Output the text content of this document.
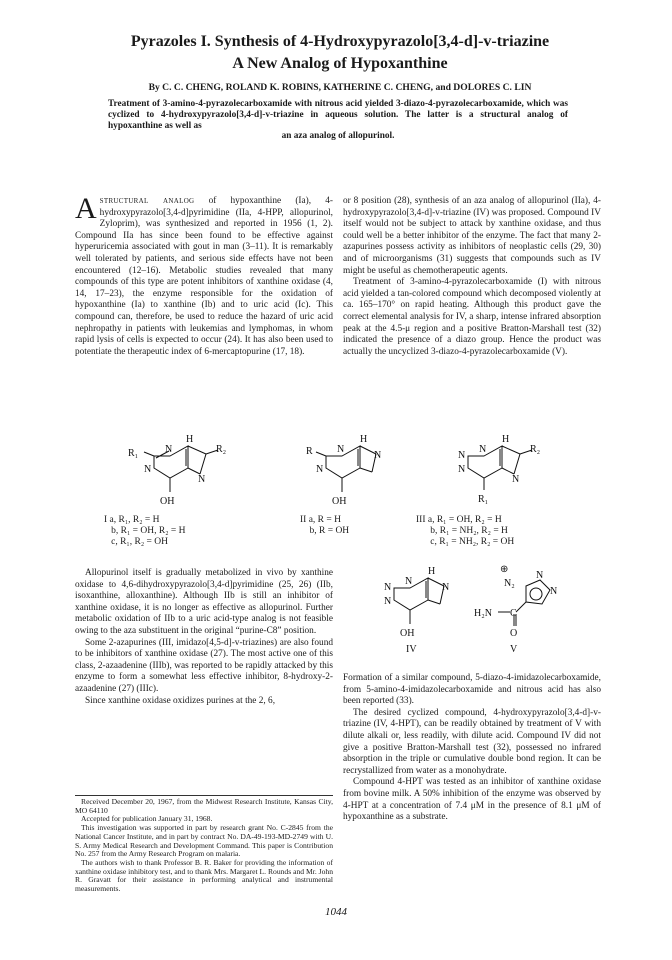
Pyrazoles I. Synthesis of 4-Hydroxypyrazolo[3,4-d]-v-triazine
A New Analog of Hypoxanthine
By C. C. CHENG, ROLAND K. ROBINS, KATHERINE C. CHENG, and DOLORES C. LIN
Treatment of 3-amino-4-pyrazolecarboxamide with nitrous acid yielded 3-diazo-4-pyrazolecarboxamide, which was cyclized to 4-hydroxypyrazolo[3,4-d]-v-triazine in aqueous solution. The latter is a structural analog of hypoxanthine as well as
an aza analog of allopurinol.

Astructural analog of hypoxanthine (Ia), 4-hydroxypyrazolo[3,4-d]pyrimidine (IIa, 4-HPP, allopurinol, Zyloprim), was synthesized and reported in 1956 (1, 2). Compound IIa has since been found to be effective against hyperuricemia associated with gout in man (3–11). It is remarkably well tolerated by patients, and serious side effects have not been encountered (12–16). Metabolic studies revealed that many compounds of this type are potent inhibitors of xanthine oxidase (4, 14, 17–23), the enzyme responsible for the oxidation of hypoxanthine (Ia) to xanthine (Ib) and to uric acid (Ic). This compound can, therefore, be used to reduce the hazard of uric acid nephropathy in patients with leukemias and lymphomas, in whom rapid lysis of cells is expected to occur (24). It has also been used to potentiate the therapeutic index of 6-mercaptopurine (17, 18).

or 8 position (28), synthesis of an aza analog of allopurinol (IIa), 4-hydroxypyrazolo[3,4-d]-v-triazine (IV) was proposed. Compound IV itself would not be subject to attack by xanthine oxidase, and thus could well be a better inhibitor of the enzyme. The fact that many 2-azapurines possess activity as inhibitors of neoplastic cells (29, 30) and of microorganisms (31) suggests that compounds such as IV might be useful as chemotherapeutic agents.

Treatment of 3-amino-4-pyrazolecarboxamide (I) with nitrous acid yielded a tan-colored compound which decomposed violently at ca. 165–170° on rapid heating. Although this product gave the correct elemental analysis for IV, a sharp, intense infrared absorption peak at the 4.5-μ region and a positive Bratton-Marshall test (32) indicated the presence of a diazo group. Hence the product was actually the uncyclized 3-diazo-4-pyrazolecarboxamide (V).

H
R₁	R₂
N
N
N
OH
I a, R₁, R₂ = H
b, R₁ = OH, R₂ = H
c, R₁, R₂ = OH
H
R N
N
N
OH
II a, R = H
b, R = OH
H
N
N
N
N
R₂
R₁
III a, R₁ = OH, R₂ = H
b, R₁ = NH₂, R₂ = H
c, R₁ = NH₂, R₂ = OH

Allopurinol itself is gradually metabolized in vivo by xanthine oxidase to 4,6-dihydroxypyrazolo[3,4-d]pyrimidine (25, 26) (IIb, isoxanthine, alloxanthine). Although IIb is still an inhibitor of xanthine oxidase, it is no longer as effective as allopurinol. Further metabolic oxidation of IIb to a uric acid-type analog is not feasible owing to the aza substituent in the original “purine-C8” position.

Some 2-azapurines (III, imidazo[4,5-d]-v-triazines) are also found to be inhibitors of xanthine oxidase (27). The most active one of this class, 2-azaadenine (IIIb), was reported to be rapidly attacked by this enzyme to form a somewhat less effective inhibitor, 8-hydroxy-2-azaadenine (27) (IIIc).

Since xanthine oxidase oxidizes purines at the 2, 6,

H
N
N
N
N
OH
IV
⊕
N₂
N
N
H₂N C
O
V

Formation of a similar compound, 5-diazo-4-imidazolecarboxamide, from 5-amino-4-imidazolecarboxamide and nitrous acid has also been reported (33).

The desired cyclized compound, 4-hydroxypyrazolo[3,4-d]-v-triazine (IV, 4-HPT), can be readily obtained by treatment of V with dilute alkali or, less readily, with dilute acid. Compound IV did not give a positive Bratton-Marshall test (32), possessed no infrared absorption in the triple or cumulative double bond region. It can be recrystallized from water as a monohydrate.

Compound 4-HPT was tested as an inhibitor of xanthine oxidase from bovine milk. A 50% inhibition of the enzyme was observed by 4-HPT at a concentration of 7.4 μM in the presence of 8.1 μM of hypoxanthine as a substrate.

Received December 20, 1967, from the Midwest Research Institute, Kansas City, MO 64110

Accepted for publication January 31, 1968.

This investigation was supported in part by research grant No. C-2845 from the National Cancer Institute, and in part by contract No. DA-49-193-MD-2749 with U. S. Army Medical Research and Development Command. This paper is Contribution No. 257 from the Army Research Program on malaria.

The authors wish to thank Professor B. R. Baker for providing the information of xanthine oxidase inhibitory test, and to thank Mrs. Margaret L. Rounds and Mr. John R. Gravatt for their assistance in performing analytical and instrumental measurements.

1044
